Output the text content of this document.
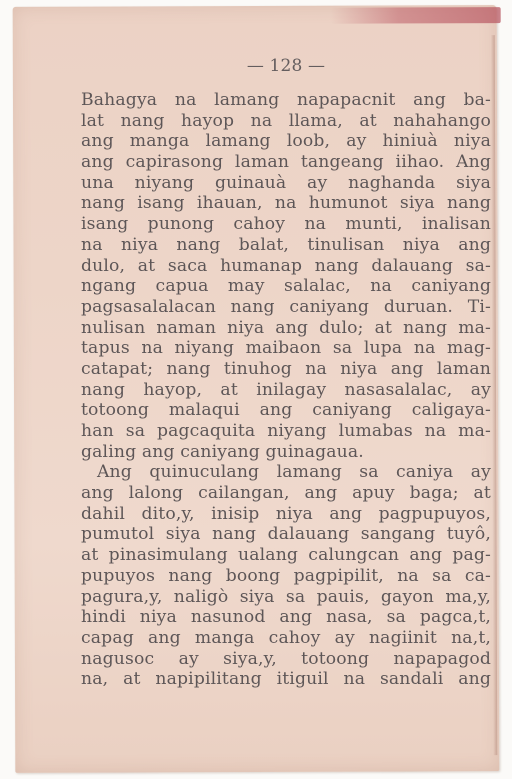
— 128 —
Bahagya na lamang napapacnit ang ba-
lat nang hayop na llama, at nahahango
ang manga lamang loob, ay hiniuà niya
ang capirasong laman tangeang iihao. Ang
una niyang guinauà ay naghanda siya
nang isang ihauan, na humunot siya nang
isang punong cahoy na munti, inalisan
na niya nang balat, tinulisan niya ang
dulo, at saca humanap nang dalauang sa-
ngang capua may salalac, na caniyang
pagsasalalacan nang caniyang duruan. Ti-
nulisan naman niya ang dulo; at nang ma-
tapus na niyang maibaon sa lupa na mag-
catapat; nang tinuhog na niya ang laman
nang hayop, at inilagay nasasalalac, ay
totoong malaqui ang caniyang caligaya-
han sa pagcaquita niyang lumabas na ma-
galing ang caniyang guinagaua.
Ang quinuculang lamang sa caniya ay
ang lalong cailangan, ang apuy baga; at
dahil dito,y, inisip niya ang pagpupuyos,
pumutol siya nang dalauang sangang tuyô,
at pinasimulang ualang calungcan ang pag-
pupuyos nang boong pagpipilit, na sa ca-
pagura,y, naligò siya sa pauis, gayon ma,y,
hindi niya nasunod ang nasa, sa pagca,t,
capag ang manga cahoy ay nagiinit na,t,
nagusoc ay siya,y, totoong napapagod
na, at napipilitang itiguil na sandali ang
